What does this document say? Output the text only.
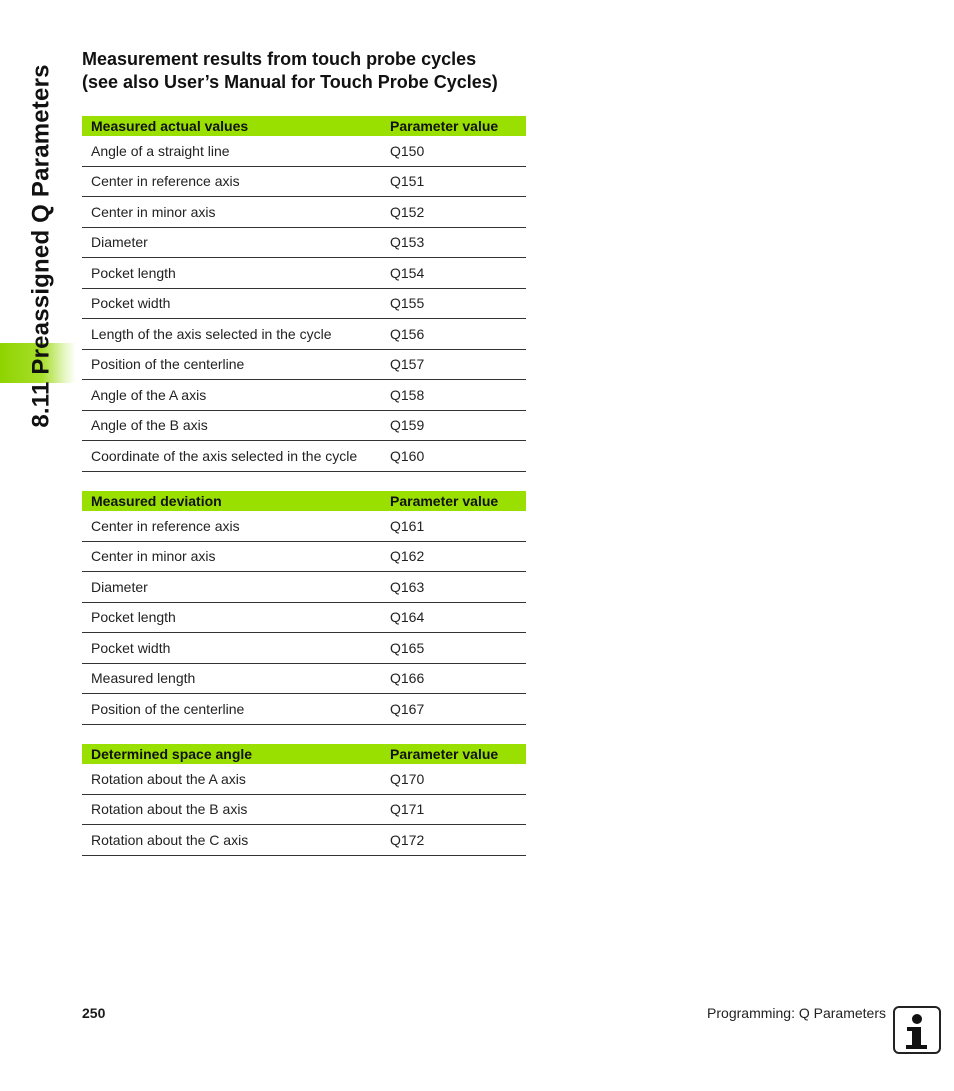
8.11 Preassigned Q Parameters
Measurement results from touch probe cycles
(see also User’s Manual for Touch Probe Cycles)
Measured actual values	Parameter value
Angle of a straight line	Q150
Center in reference axis	Q151
Center in minor axis	Q152
Diameter	Q153
Pocket length	Q154
Pocket width	Q155
Length of the axis selected in the cycle	Q156
Position of the centerline	Q157
Angle of the A axis	Q158
Angle of the B axis	Q159
Coordinate of the axis selected in the cycle	Q160
Measured deviation	Parameter value
Center in reference axis	Q161
Center in minor axis	Q162
Diameter	Q163
Pocket length	Q164
Pocket width	Q165
Measured length	Q166
Position of the centerline	Q167
Determined space angle	Parameter value
Rotation about the A axis	Q170
Rotation about the B axis	Q171
Rotation about the C axis	Q172
250	Programming: Q Parameters
